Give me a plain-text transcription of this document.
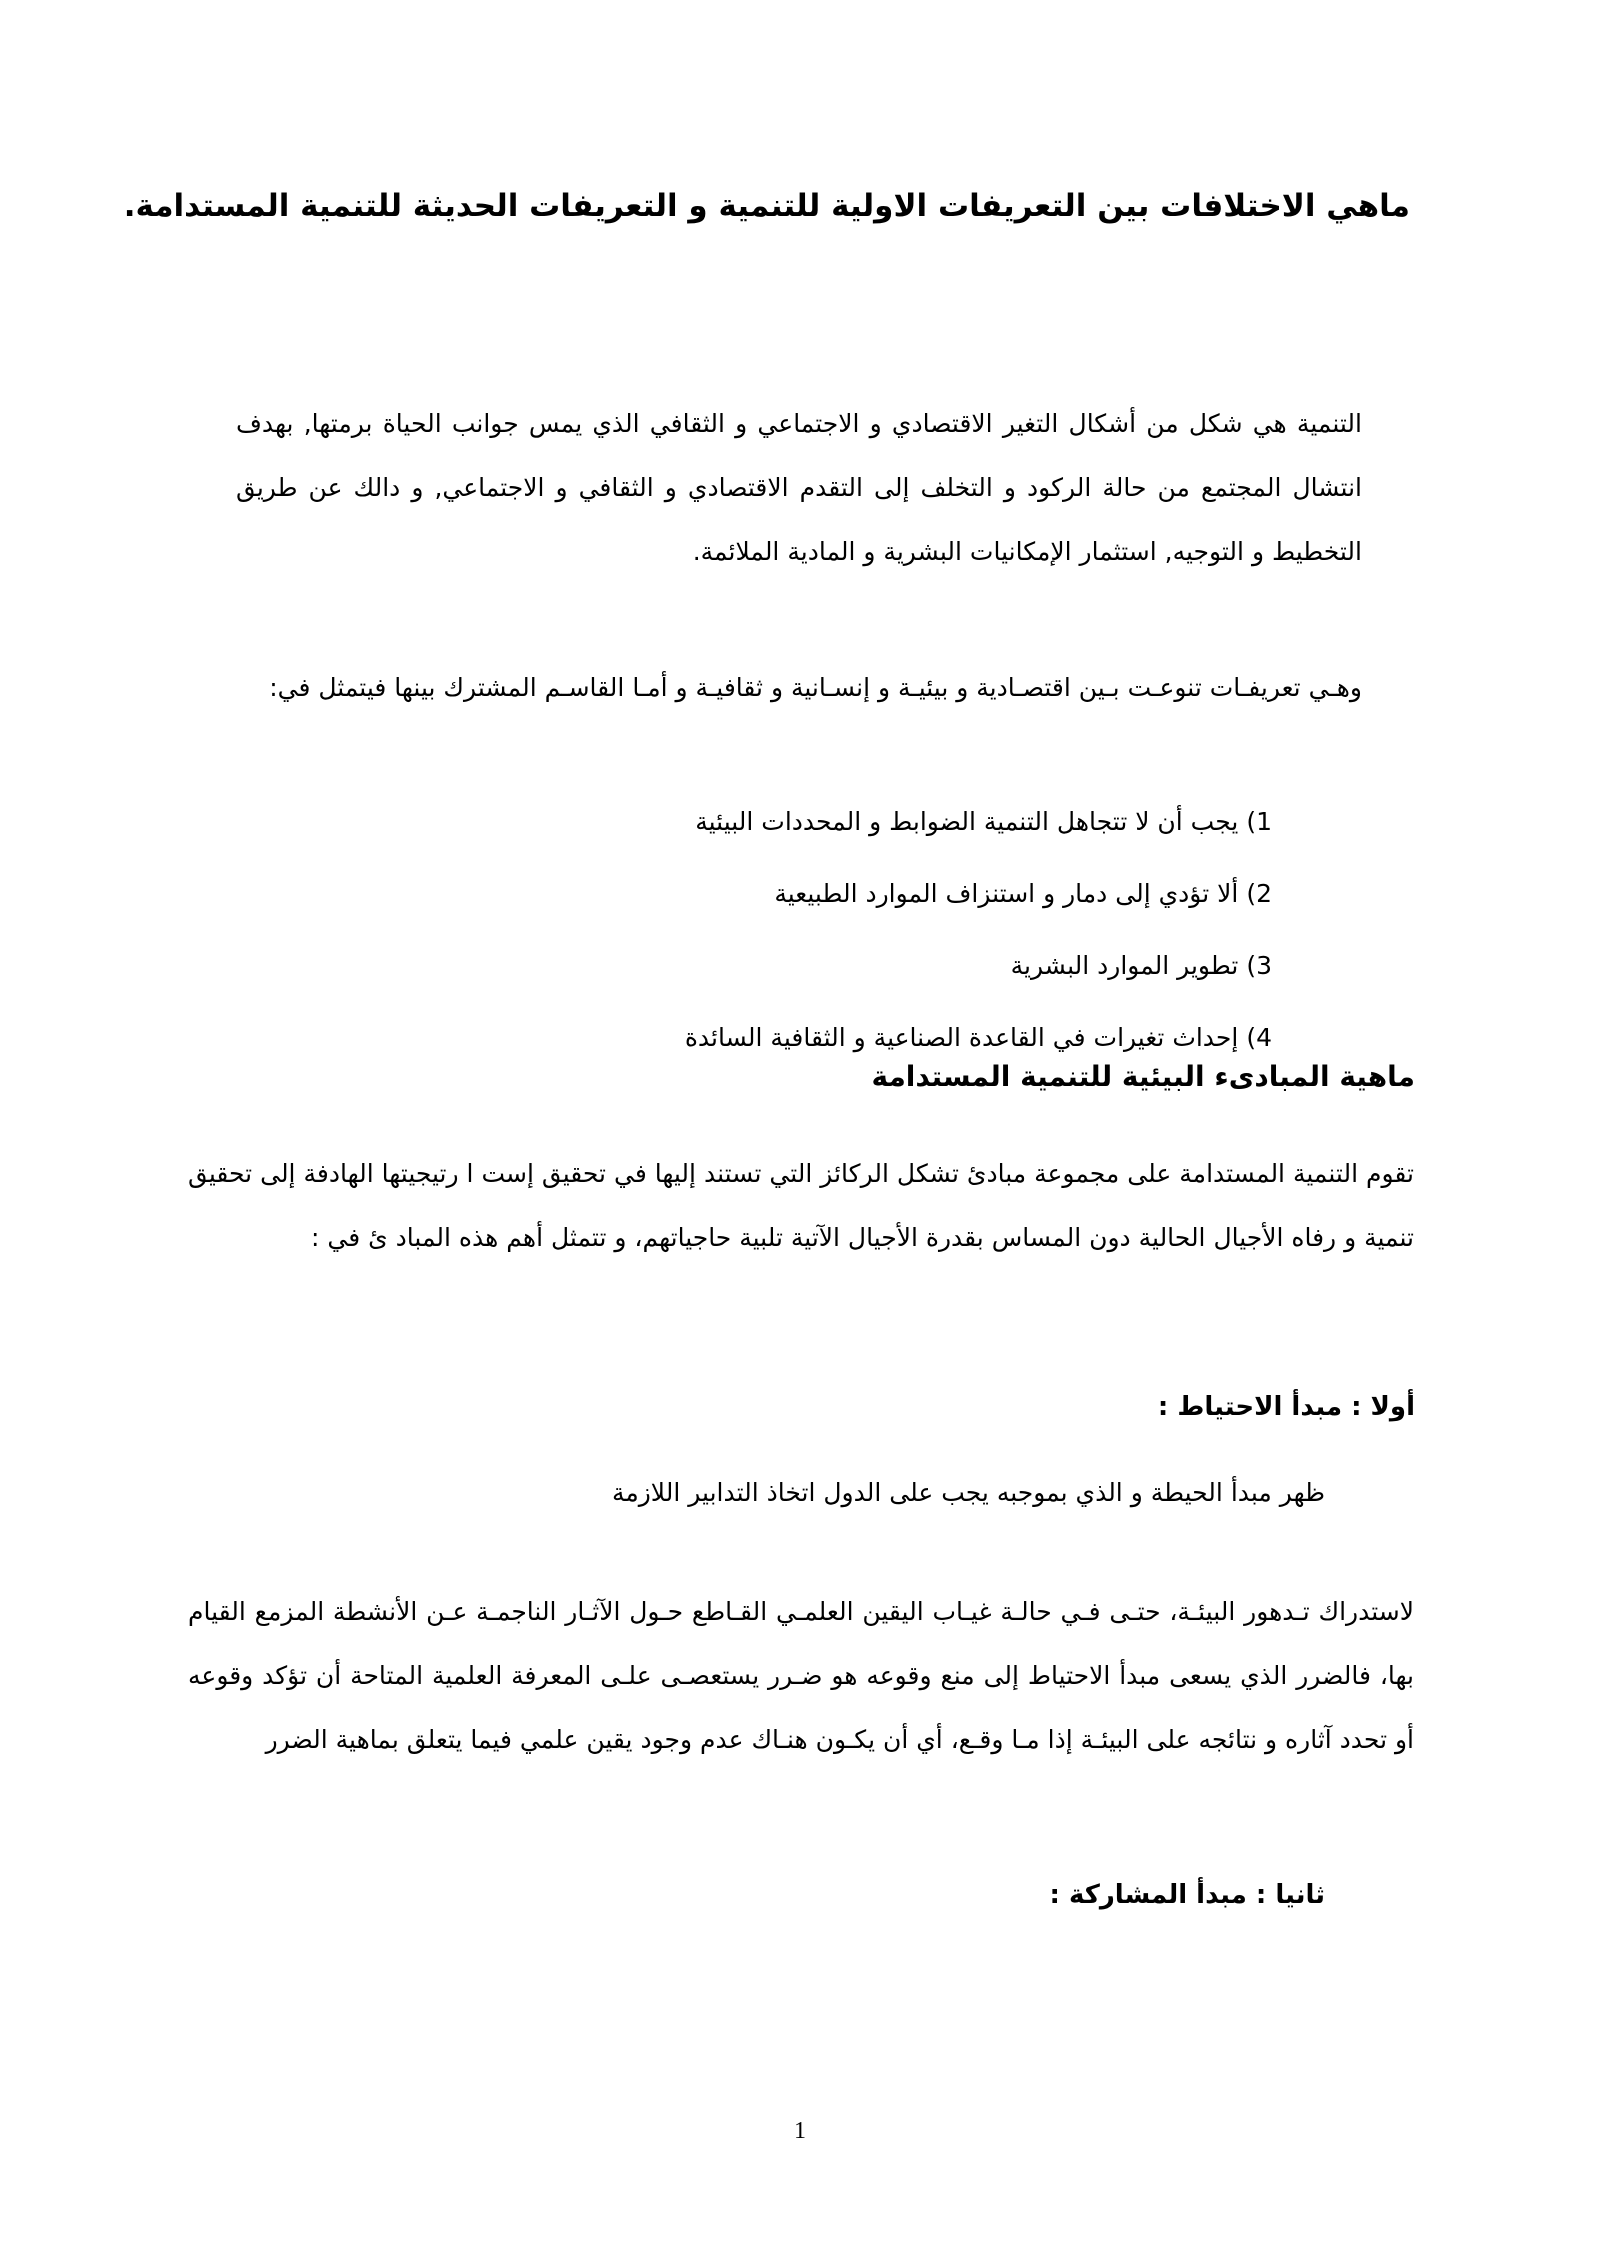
ماهي الاختلافات بين التعريفات الاولية للتنمية و التعريفات الحديثة للتنمية المستدامة.

التنمية هي شكل من أشكال التغير الاقتصادي و الاجتماعي و الثقافي الذي يمس جوانب الحياة برمتها, بهدف انتشال المجتمع من حالة الركود و التخلف إلى التقدم الاقتصادي و الثقافي و الاجتماعي, و دالك عن طريق التخطيط و التوجيه, استثمار الإمكانيات البشرية و المادية الملائمة.

وهـي تعريفـات تنوعـت بـين اقتصـادية و بيئيـة و إنسـانية و ثقافيـة و أمـا القاسـم المشترك بينها فيتمثل في:

1)يجب أن لا تتجاهل التنمية الضوابط و المحددات البيئية
2)ألا تؤدي إلى دمار و استنزاف الموارد الطبيعية
3)تطوير الموارد البشرية
4)إحداث تغيرات في القاعدة الصناعية و الثقافية السائدة
ماهية المبادىء البيئية للتنمية المستدامة

تقوم التنمية المستدامة على مجموعة مبادئ تشكل الركائز التي تستند إليها في تحقيق إست ا رتيجيتها الهادفة إلى تحقيق تنمية و رفاه الأجيال الحالية دون المساس بقدرة الأجيال الآتية تلبية حاجياتهم، و تتمثل أهم هذه المباد ئ في :

أولا : مبدأ الاحتياط :

ظهر مبدأ الحيطة و الذي بموجبه يجب على الدول اتخاذ التدابير اللازمة

لاستدراك تـدهور البيئـة، حتـى فـي حالـة غيـاب اليقين العلمـي القـاطع حـول الآثـار الناجمـة عـن الأنشطة المزمع القيام بها، فالضرر الذي يسعى مبدأ الاحتياط إلى منع وقوعه هو ضـرر يستعصـى علـى المعرفة العلمية المتاحة أن تؤكد وقوعه أو تحدد آثاره و نتائجه على البيئـة إذا مـا وقـع، أي أن يكـون هنـاك عدم وجود يقين علمي فيما يتعلق بماهية الضرر

ثانيا : مبدأ المشاركة :
1
